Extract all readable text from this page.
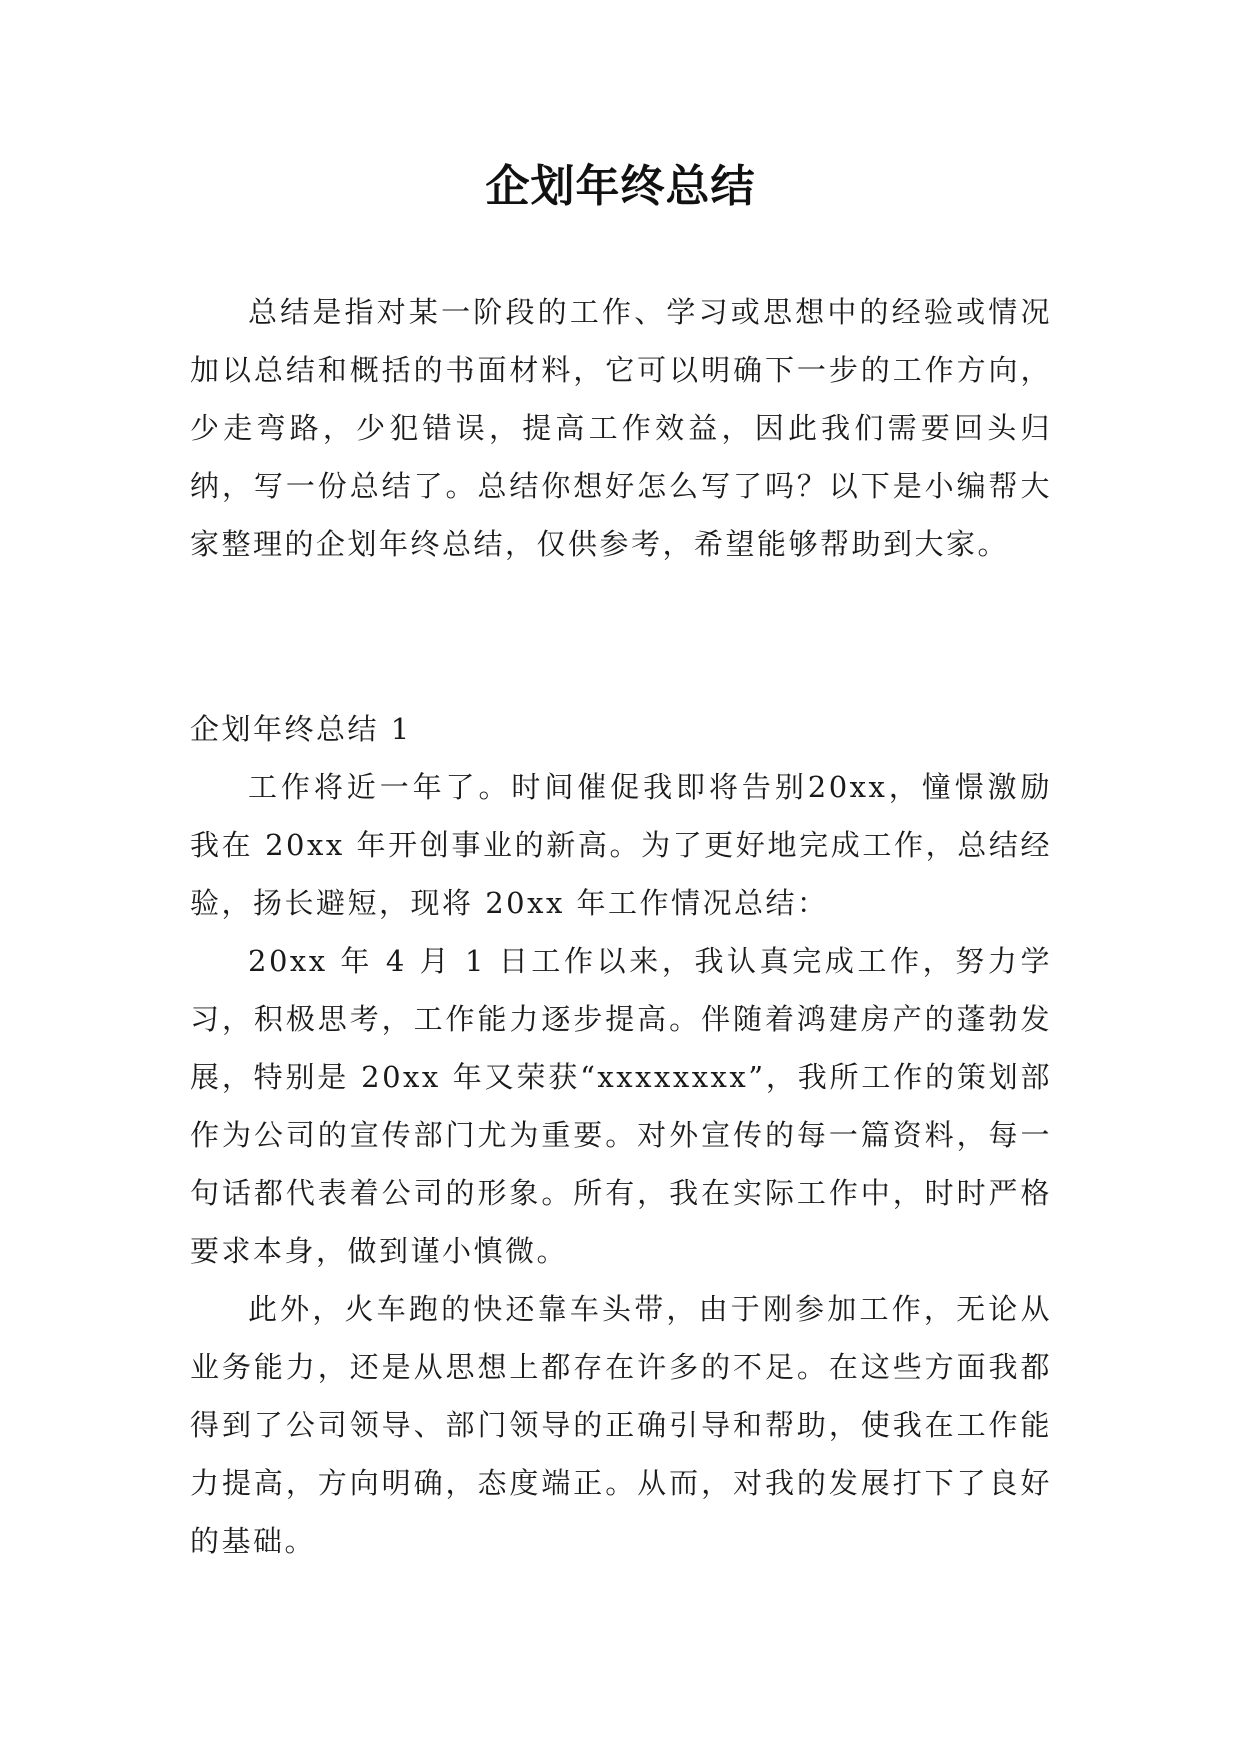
企划年终总结

总结是指对某一阶段的工作、学习或思想中的经验或情况加以总结和概括的书面材料，它可以明确下一步的工作方向，少走弯路，少犯错误，提高工作效益，因此我们需要回头归纳，写一份总结了。总结你想好怎么写了吗？以下是小编帮大家整理的企划年终总结，仅供参考，希望能够帮助到大家。

企划年终总结 1

工作将近一年了。时间催促我即将告别20xx，憧憬激励我在 20xx 年开创事业的新高。为了更好地完成工作，总结经验，扬长避短，现将 20xx 年工作情况总结：

20xx 年 4 月 1 日工作以来，我认真完成工作，努力学习，积极思考，工作能力逐步提高。伴随着鸿建房产的蓬勃发展，特别是 20xx 年又荣获“xxxxxxxx”，我所工作的策划部作为公司的宣传部门尤为重要。对外宣传的每一篇资料，每一句话都代表着公司的形象。所有，我在实际工作中，时时严格要求本身，做到谨小慎微。

此外，火车跑的快还靠车头带，由于刚参加工作，无论从业务能力，还是从思想上都存在许多的不足。在这些方面我都得到了公司领导、部门领导的正确引导和帮助，使我在工作能力提高，方向明确，态度端正。从而，对我的发展打下了良好的基础。
